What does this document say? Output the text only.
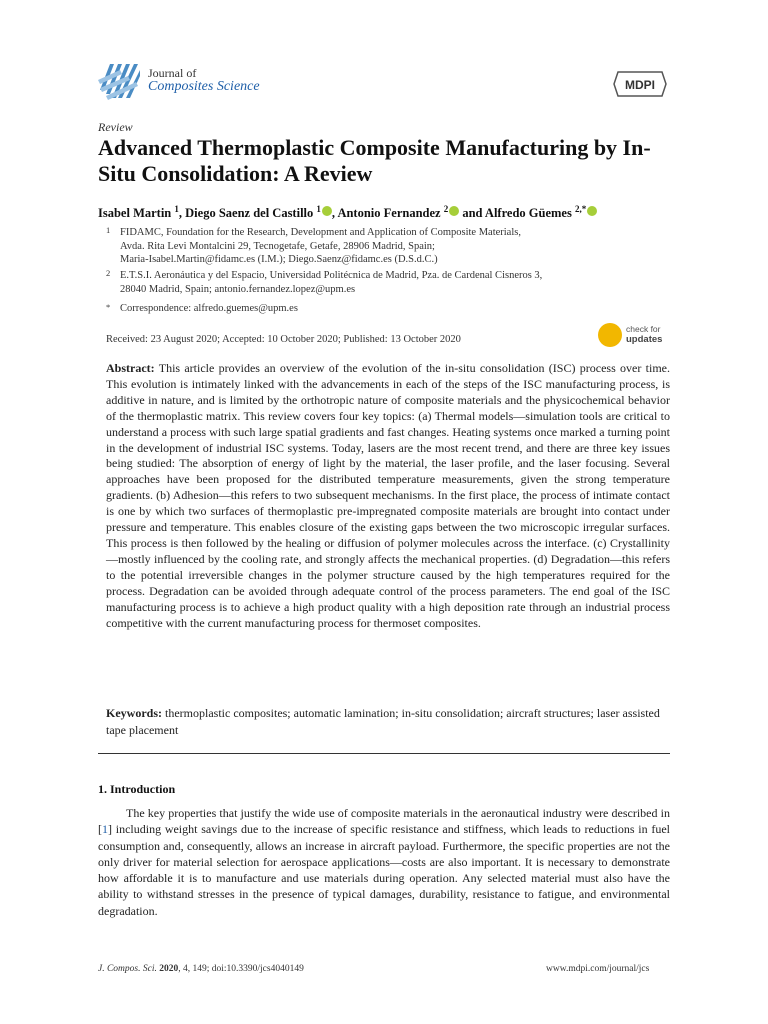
Journal of
Composites Science	MDPI
Review
Advanced Thermoplastic Composite Manufacturing by In-Situ Consolidation: A Review
Isabel Martin $^1$, Diego Saenz del Castillo $^1$ , Antonio Fernandez $^2$ and Alfredo Güemes $^{2,*}$
1 FIDAMC, Foundation for the Research, Development and Application of Composite Materials,
Avda. Rita Levi Montalcini 29, Tecnogetafe, Getafe, 28906 Madrid, Spain;
Maria-Isabel.Martin@fidamc.es (I.M.); Diego.Saenz@fidamc.es (D.S.d.C.)
2 E.T.S.I. Aeronáutica y del Espacio, Universidad Politécnica de Madrid, Pza. de Cardenal Cisneros 3,
28040 Madrid, Spain; antonio.fernandez.lopez@upm.es
* Correspondence: alfredo.guemes@upm.es
Received: 23 August 2020; Accepted: 10 October 2020; Published: 13 October 2020
check for
updates
Abstract: This article provides an overview of the evolution of the in-situ consolidation (ISC) process over time. This evolution is intimately linked with the advancements in each of the steps of the ISC manufacturing process, is additive in nature, and is limited by the orthotropic nature of composite materials and the physicochemical behavior of the thermoplastic matrix. This review covers four key topics: (a) Thermal models—simulation tools are critical to understand a process with such large spatial gradients and fast changes. Heating systems once marked a turning point in the development of industrial ISC systems. Today, lasers are the most recent trend, and there are three key issues being studied: The absorption of energy of light by the material, the laser profile, and the laser focusing. Several approaches have been proposed for the distributed temperature measurements, given the strong temperature gradients. (b) Adhesion—this refers to two subsequent mechanisms. In the first place, the process of intimate contact is one by which two surfaces of thermoplastic pre-impregnated composite materials are brought into contact under pressure and temperature. This enables closure of the existing gaps between the two microscopic irregular surfaces. This process is then followed by the healing or diffusion of polymer molecules across the interface. (c) Crystallinity—mostly influenced by the cooling rate, and strongly affects the mechanical properties. (d) Degradation—this refers to the potential irreversible changes in the polymer structure caused by the high temperatures required for the process. Degradation can be avoided through adequate control of the process parameters. The end goal of the ISC manufacturing process is to achieve a high product quality with a high deposition rate through an industrial process competitive with the current manufacturing process for thermoset composites.
Keywords: thermoplastic composites; automatic lamination; in-situ consolidation; aircraft structures; laser assisted tape placement
1. Introduction
The key properties that justify the wide use of composite materials in the aeronautical industry were described in [1] including weight savings due to the increase of specific resistance and stiffness, which leads to reductions in fuel consumption and, consequently, allows an increase in aircraft payload. Furthermore, the specific properties are not the only driver for material selection for aerospace applications—costs are also important. It is necessary to demonstrate how affordable it is to manufacture and use materials during operation. Any selected material must also have the ability to withstand stresses in the presence of typical damages, durability, resistance to fatigue, and environmental degradation.
J. Compos. Sci. 2020, 4, 149; doi:10.3390/jcs4040149	www.mdpi.com/journal/jcs
